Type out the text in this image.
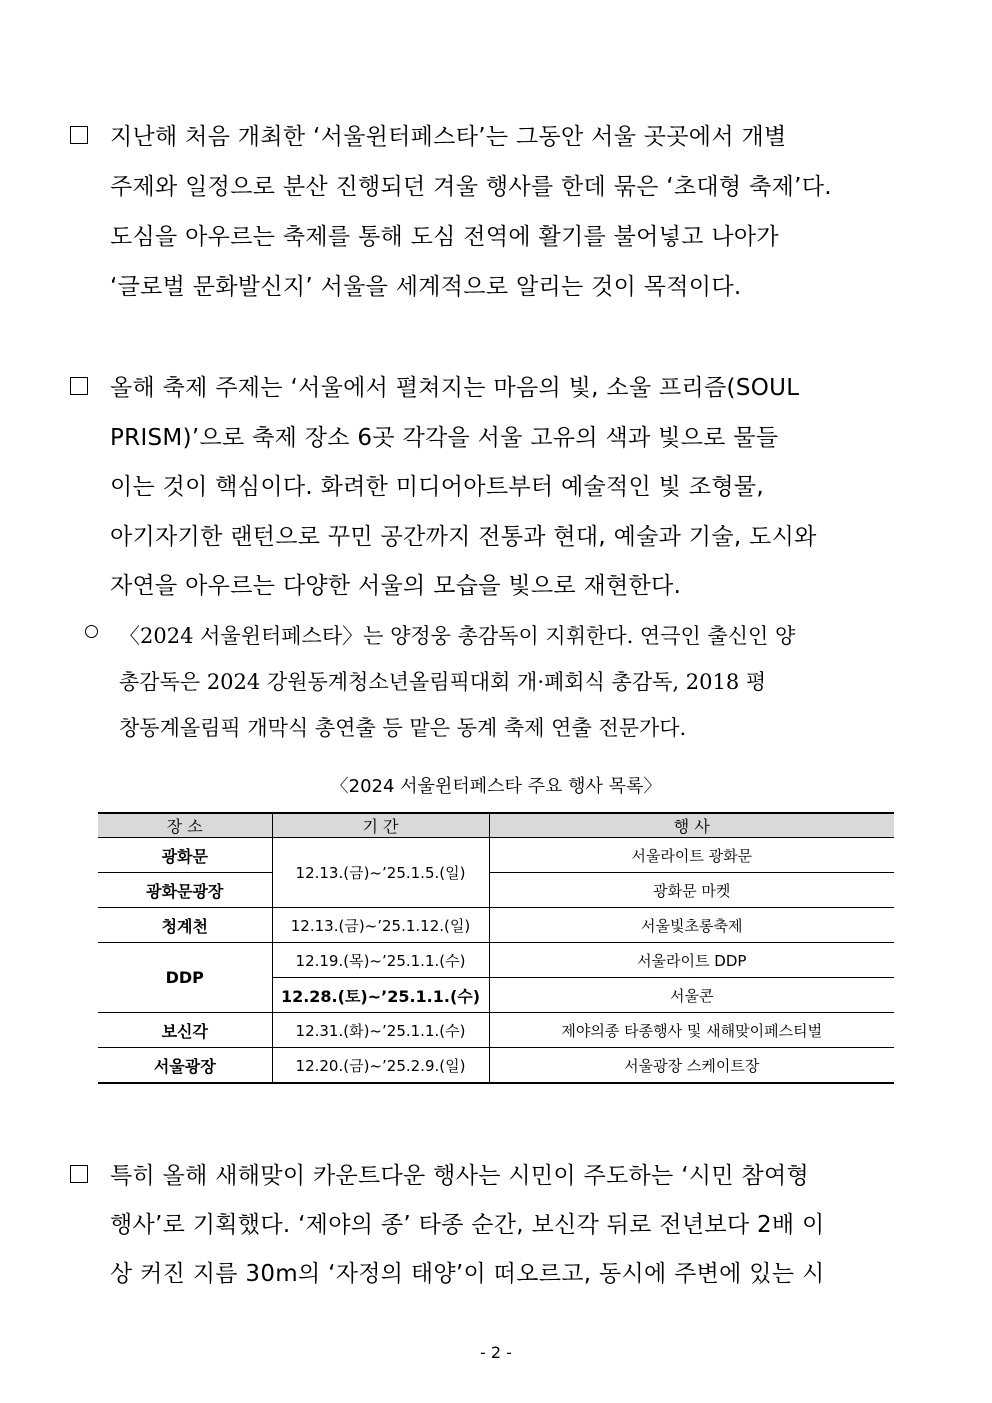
지난해 처음 개최한 ‘서울윈터페스타’는 그동안 서울 곳곳에서 개별
주제와 일정으로 분산 진행되던 겨울 행사를 한데 묶은 ‘초대형 축제’다.
도심을 아우르는 축제를 통해 도심 전역에 활기를 불어넣고 나아가
‘글로벌 문화발신지’ 서울을 세계적으로 알리는 것이 목적이다.
올해 축제 주제는 ‘서울에서 펼쳐지는 마음의 빛, 소울 프리즘(SOUL
PRISM)’으로 축제 장소 6곳 각각을 서울 고유의 색과 빛으로 물들
이는 것이 핵심이다. 화려한 미디어아트부터 예술적인 빛 조형물,
아기자기한 랜턴으로 꾸민 공간까지 전통과 현대, 예술과 기술, 도시와
자연을 아우르는 다양한 서울의 모습을 빛으로 재현한다.
〈2024 서울윈터페스타〉는 양정웅 총감독이 지휘한다. 연극인 출신인 양
총감독은 2024 강원동계청소년올림픽대회 개·폐회식 총감독, 2018 평
창동계올림픽 개막식 총연출 등 맡은 동계 축제 연출 전문가다.
〈2024 서울윈터페스타 주요 행사 목록〉
장 소	기 간	행 사
광화문	12.13.(금)~’25.1.5.(일)	서울라이트 광화문
광화문광장		광화문 마켓
청계천	12.13.(금)~’25.1.12.(일)	서울빛초롱축제
DDP	12.19.(목)~’25.1.1.(수)	서울라이트 DDP
	12.28.(토)~’25.1.1.(수)	서울콘
보신각	12.31.(화)~’25.1.1.(수)	제야의종 타종행사 및 새해맞이페스티벌
서울광장	12.20.(금)~’25.2.9.(일)	서울광장 스케이트장
특히 올해 새해맞이 카운트다운 행사는 시민이 주도하는 ‘시민 참여형
행사’로 기획했다. ‘제야의 종’ 타종 순간, 보신각 뒤로 전년보다 2배 이
상 커진 지름 30m의 ‘자정의 태양’이 떠오르고, 동시에 주변에 있는 시
- 2 -
